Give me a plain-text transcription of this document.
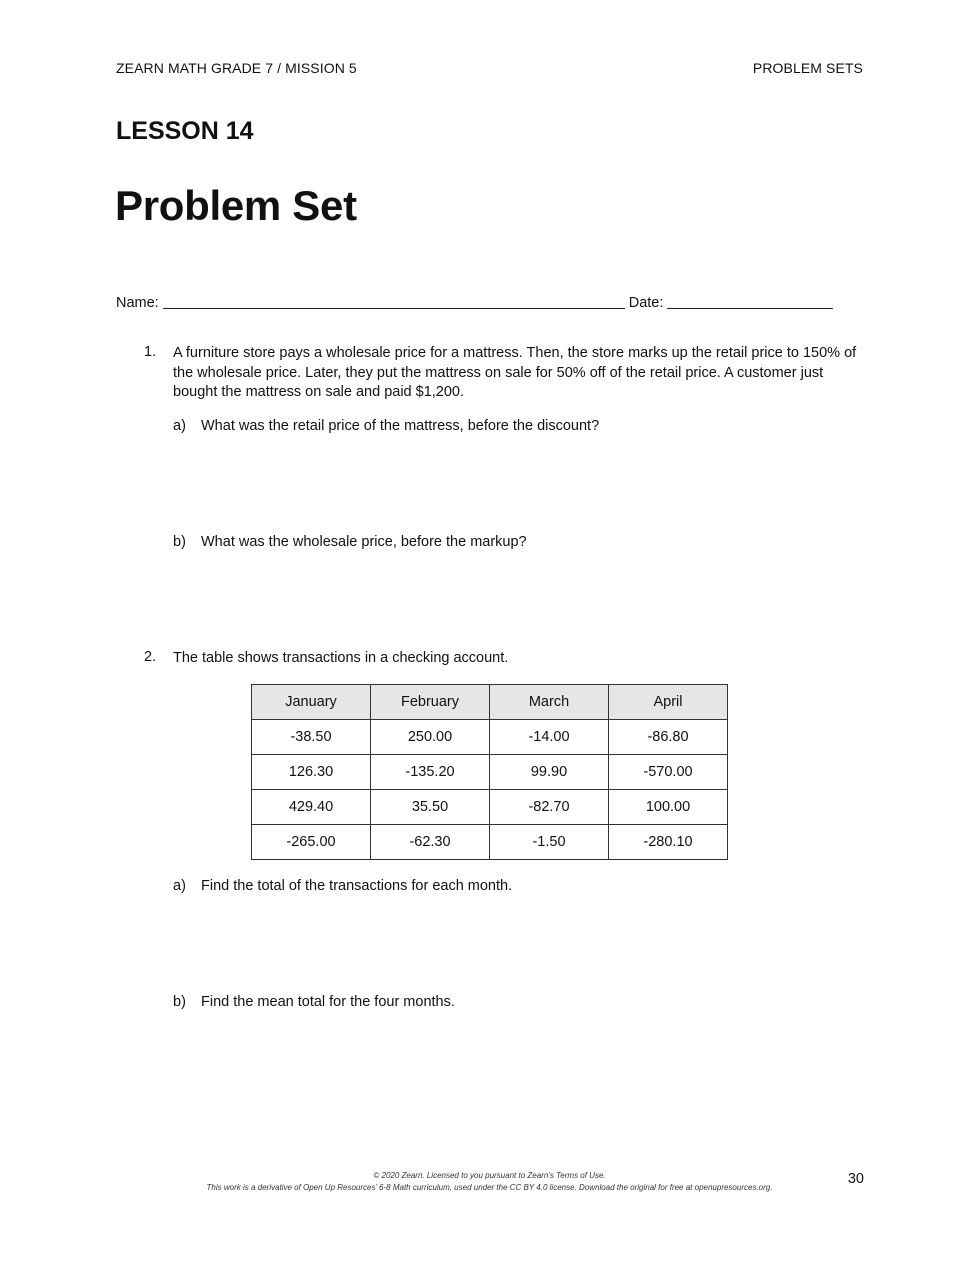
ZEARN MATH GRADE 7 / MISSION 5	PROBLEM SETS
LESSON 14
Problem Set
Name:	Date:
1. A furniture store pays a wholesale price for a mattress. Then, the store marks up the retail price to 150% of the wholesale price. Later, they put the mattress on sale for 50% off of the retail price. A customer just bought the mattress on sale and paid $1,200.
a) What was the retail price of the mattress, before the discount?
b) What was the wholesale price, before the markup?
2. The table shows transactions in a checking account.
January	February	March	April
-38.50	250.00	-14.00	-86.80
126.30	-135.20	99.90	-570.00
429.40	35.50	-82.70	100.00
-265.00	-62.30	-1.50	-280.10
a) Find the total of the transactions for each month.
b) Find the mean total for the four months.
© 2020 Zearn. Licensed to you pursuant to Zearn’s Terms of Use.
This work is a derivative of Open Up Resources’ 6-8 Math curriculum, used under the CC BY 4.0 license. Download the original for free at openupresources.org.
30
